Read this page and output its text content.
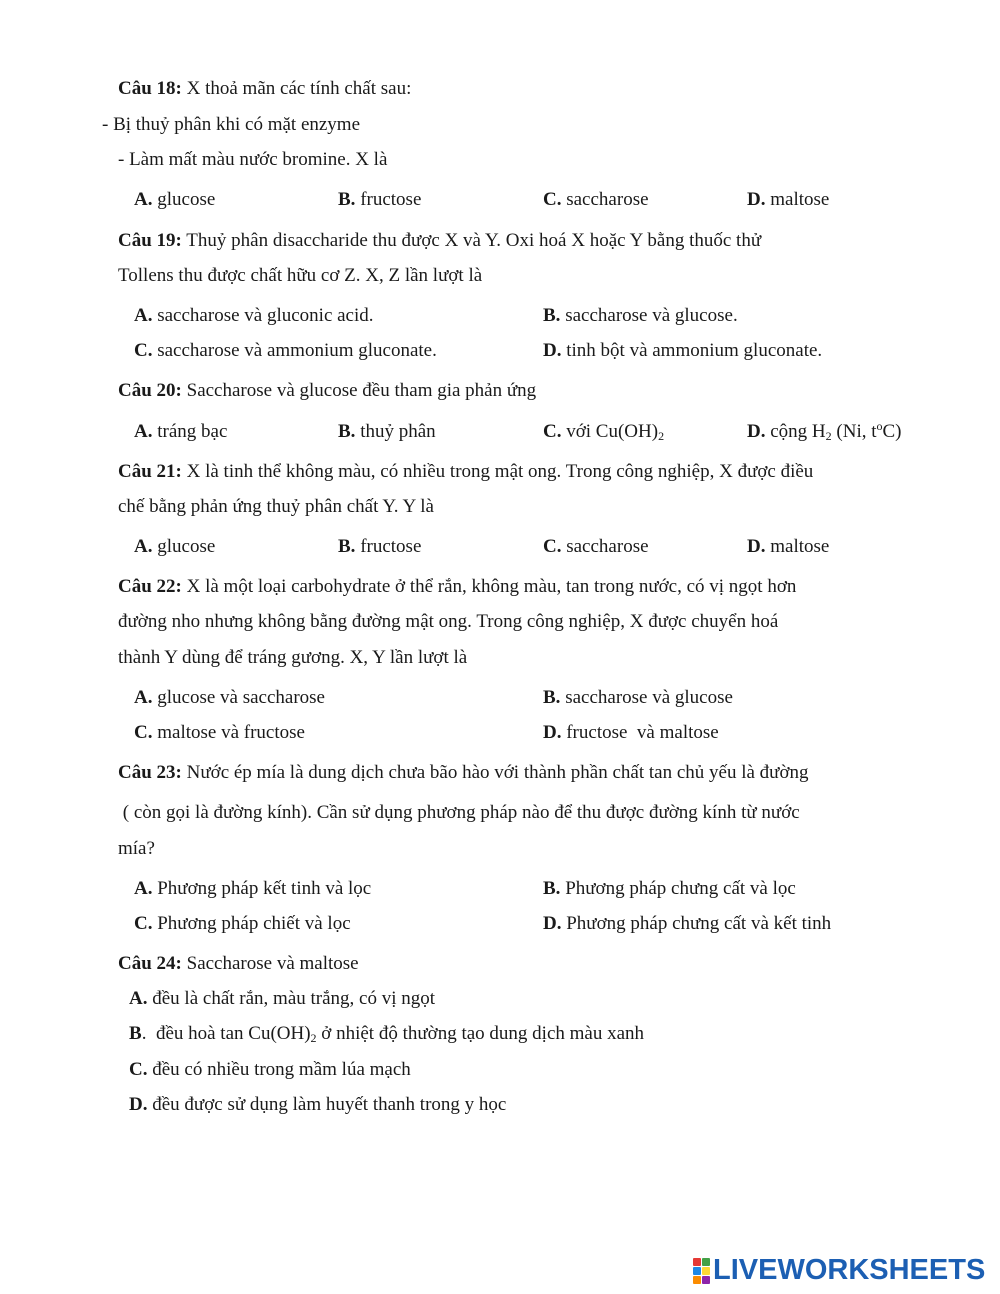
Câu 18: X thoả mãn các tính chất sau:
- Bị thuỷ phân khi có mặt enzyme
- Làm mất màu nước bromine. X là
A. glucose	B. fructose	C. saccharose	D. maltose
Câu 19: Thuỷ phân disaccharide thu được X và Y. Oxi hoá X hoặc Y bằng thuốc thử
Tollens thu được chất hữu cơ Z. X, Z lần lượt là
A. saccharose và gluconic acid.	B. saccharose và glucose.
C. saccharose và ammonium gluconate.	D. tinh bột và ammonium gluconate.
Câu 20: Saccharose và glucose đều tham gia phản ứng
A. tráng bạc	B. thuỷ phân	C. với $Cu(OH)_2$	D. cộng $H_2$ (Ni, $t^oC$)
Câu 21: X là tinh thể không màu, có nhiều trong mật ong. Trong công nghiệp, X được điều
chế bằng phản ứng thuỷ phân chất Y. Y là
A. glucose	B. fructose	C. saccharose	D. maltose
Câu 22: X là một loại carbohydrate ở thể rắn, không màu, tan trong nước, có vị ngọt hơn
đường nho nhưng không bằng đường mật ong. Trong công nghiệp, X được chuyển hoá
thành Y dùng để tráng gương. X, Y lần lượt là
A. glucose và saccharose	B. saccharose và glucose
C. maltose và fructose	D. fructose  và maltose
Câu 23: Nước ép mía là dung dịch chưa bão hào với thành phần chất tan chủ yếu là đường
( còn gọi là đường kính). Cần sử dụng phương pháp nào để thu được đường kính từ nước
mía?
A. Phương pháp kết tinh và lọc	B. Phương pháp chưng cất và lọc
C. Phương pháp chiết và lọc	D. Phương pháp chưng cất và kết tinh
Câu 24: Saccharose và maltose
A. đều là chất rắn, màu trắng, có vị ngọt
B.  đều hoà $\tan Cu(OH)_2$ ở nhiệt độ thường tạo dung dịch màu xanh
C. đều có nhiều trong mầm lúa mạch
D. đều được sử dụng làm huyết thanh trong y học
LIVEWORKSHEETS
